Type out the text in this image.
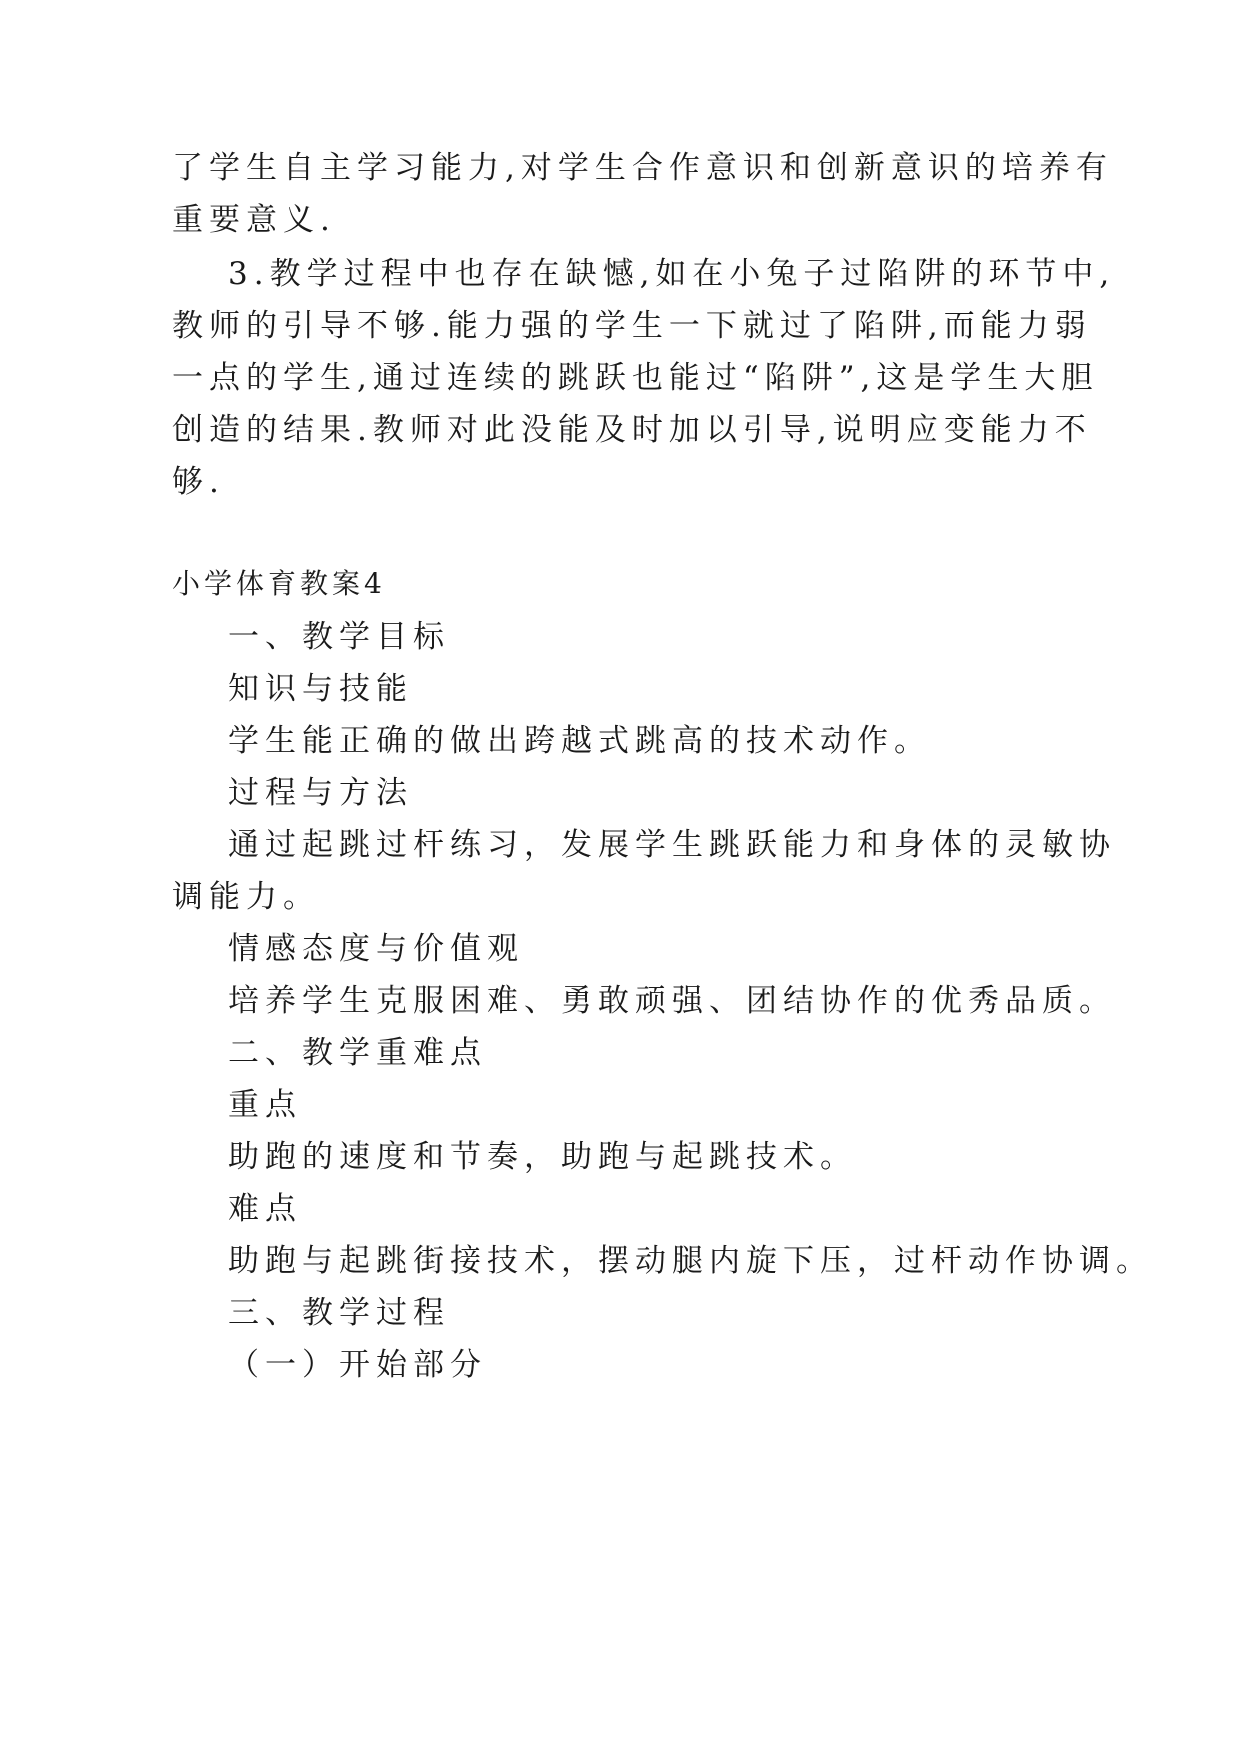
了学生自主学习能力,对学生合作意识和创新意识的培养有
重要意义.
3.教学过程中也存在缺憾,如在小兔子过陷阱的环节中,
教师的引导不够.能力强的学生一下就过了陷阱,而能力弱
一点的学生,通过连续的跳跃也能过“陷阱”,这是学生大胆
创造的结果.教师对此没能及时加以引导,说明应变能力不
够.
小学体育教案4
一、教学目标
知识与技能
学生能正确的做出跨越式跳高的技术动作。
过程与方法
通过起跳过杆练习，发展学生跳跃能力和身体的灵敏协
调能力。
情感态度与价值观
培养学生克服困难、勇敢顽强、团结协作的优秀品质。
二、教学重难点
重点
助跑的速度和节奏，助跑与起跳技术。
难点
助跑与起跳街接技术，摆动腿内旋下压，过杆动作协调。
三、教学过程
（一）开始部分
